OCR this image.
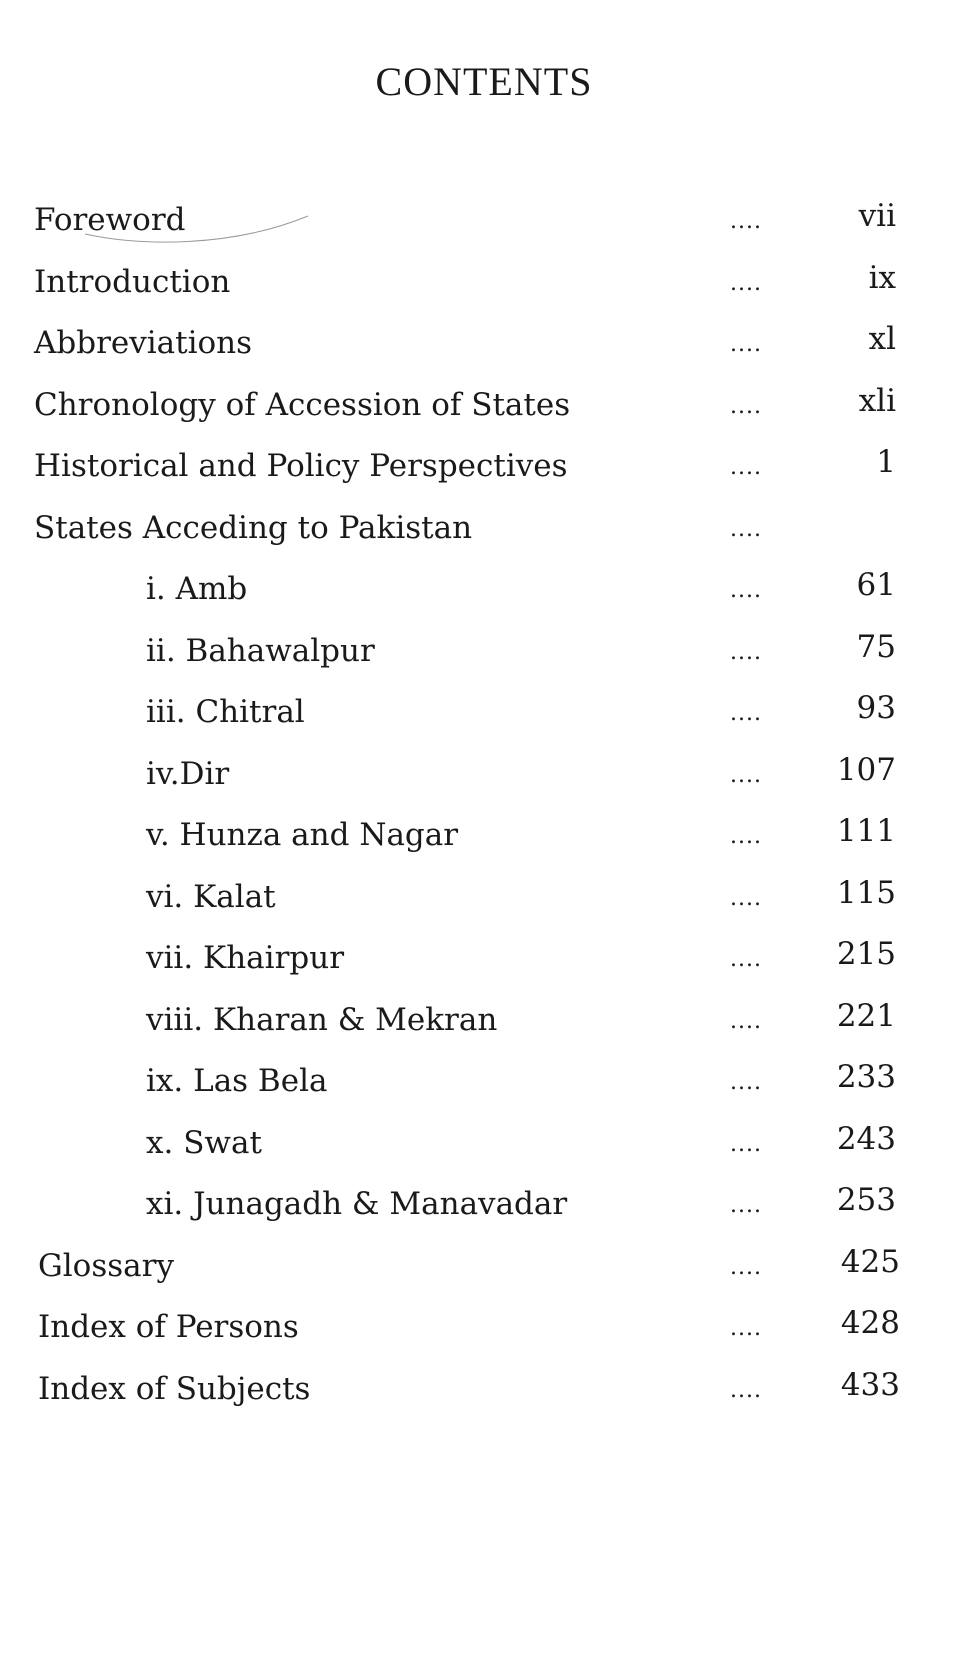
CONTENTS
Foreword	....	vii
Introduction	....	ix
Abbreviations	....	xl
Chronology of Accession of States	....	xli
Historical and Policy Perspectives	....	1
States Acceding to Pakistan	....
i. Amb	....	61
ii. Bahawalpur	....	75
iii. Chitral	....	93
iv.Dir	.... 107
v. Hunza and Nagar	.... 111
vi. Kalat	.... 115
vii. Khairpur	.... 215
viii. Kharan & Mekran	.... 221
ix. Las Bela	.... 233
x. Swat	.... 243
xi. Junagadh & Manavadar	.... 253
Glossary	....	425
Index of Persons	....	428
Index of Subjects	....	433
